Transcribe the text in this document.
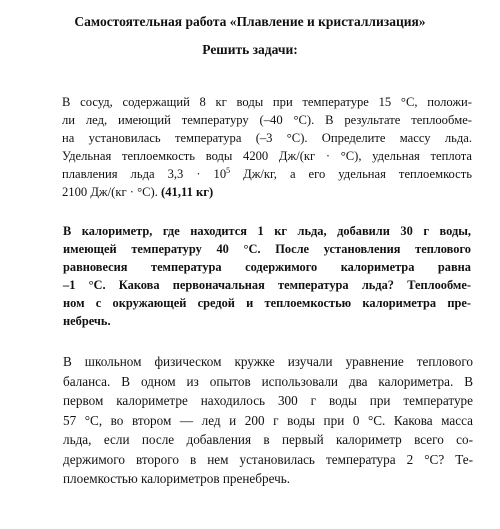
Самостоятельная работа «Плавление и кристаллизация»
Решить задачи:
В сосуд, содержащий 8 кг воды при температуре 15 °С, положи-
ли лед, имеющий температуру (–40 °С). В результате теплообме-
на установилась температура (–3 °С). Определите массу льда.
Удельная теплоемкость воды 4200 Дж/(кг · °С), удельная теплота
плавления льда $3,3 \cdot 10^5$ Дж/кг, а его удельная теплоемкость
2100 Дж/(кг · °С). (41,11 кг)
В калориметр, где находится 1 кг льда, добавили 30 г воды,
имеющей температуру 40 °С. После установления теплового
равновесия температура содержимого калориметра равна
–1 °С. Какова первоначальная температура льда? Теплообме-
ном с окружающей средой и теплоемкостью калориметра пре-
небречь.
В школьном физическом кружке изучали уравнение теплового
баланса. В одном из опытов использовали два калориметра. В
первом калориметре находилось 300 г воды при температуре
57 °С, во втором — лед и 200 г воды при 0 °С. Какова масса
льда, если после добавления в первый калориметр всего со-
держимого второго в нем установилась температура 2 °С? Те-
плоемкостью калориметров пренебречь.
